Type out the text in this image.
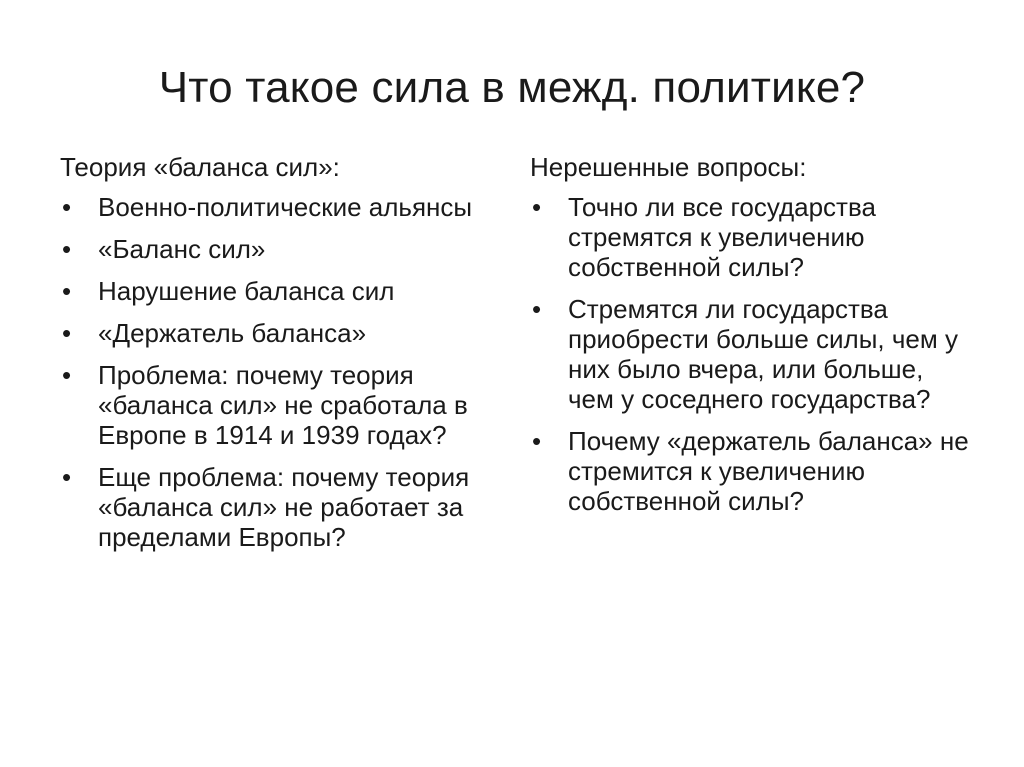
Что такое сила в межд. политике?
Теория «баланса сил»:
•	Военно-политические альянсы
•	«Баланс сил»
•	Нарушение баланса сил
•	«Держатель баланса»
•	Проблема: почему теория «баланса сил» не сработала в Европе в 1914 и 1939 годах?
•	Еще проблема: почему теория «баланса сил» не работает за пределами Европы?
Нерешенные вопросы:
•	Точно ли все государства стремятся к увеличению собственной силы?
•	Стремятся ли государства приобрести больше силы, чем у них было вчера, или больше, чем у соседнего государства?
•	Почему «держатель баланса» не стремится к увеличению собственной силы?
